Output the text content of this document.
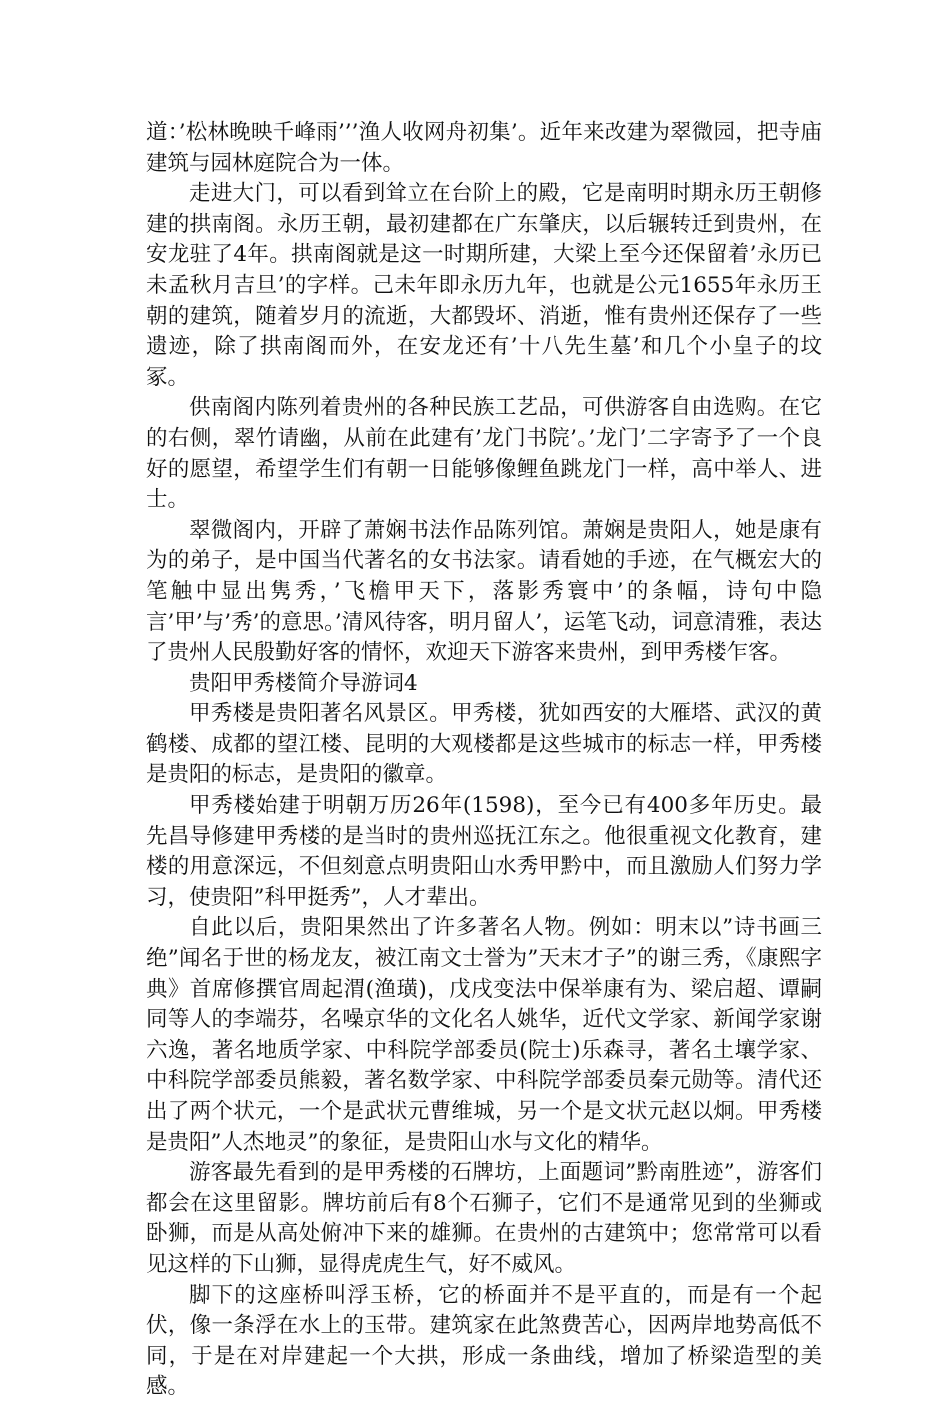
道：’松林晚映千峰雨’’’渔人收网舟初集’。近年来改建为翠微园，把寺庙建筑与园林庭院合为一体。

走进大门，可以看到耸立在台阶上的殿，它是南明时期永历王朝修建的拱南阁。永历王朝，最初建都在广东肇庆，以后辗转迁到贵州，在安龙驻了4年。拱南阁就是这一时期所建，大梁上至今还保留着’永历已未孟秋月吉旦’的字样。己未年即永历九年，也就是公元1655年永历王朝的建筑，随着岁月的流逝，大都毁坏、消逝，惟有贵州还保存了一些遗迹，除了拱南阁而外，在安龙还有’十八先生墓’和几个小皇子的坟冢。

供南阁内陈列着贵州的各种民族工艺品，可供游客自由选购。在它的右侧，翠竹请幽，从前在此建有’龙门书院’。’龙门’二字寄予了一个良好的愿望，希望学生们有朝一日能够像鲤鱼跳龙门一样，高中举人、进士。

翠微阁内，开辟了萧娴书法作品陈列馆。萧娴是贵阳人，她是康有为的弟子，是中国当代著名的女书法家。请看她的手迹，在气概宏大的笔触中显出隽秀，’飞檐甲天下，落影秀寰中’的条幅，诗句中隐言’甲’与’秀’的意思。’清风待客，明月留人’，运笔飞动，词意清雅，表达了贵州人民殷勤好客的情怀，欢迎天下游客来贵州，到甲秀楼乍客。

贵阳甲秀楼简介导游词4

甲秀楼是贵阳著名风景区。甲秀楼，犹如西安的大雁塔、武汉的黄鹤楼、成都的望江楼、昆明的大观楼都是这些城市的标志一样，甲秀楼是贵阳的标志，是贵阳的徽章。

甲秀楼始建于明朝万历26年(1598)，至今已有400多年历史。最先昌导修建甲秀楼的是当时的贵州巡抚江东之。他很重视文化教育，建楼的用意深远，不但刻意点明贵阳山水秀甲黔中，而且激励人们努力学习，使贵阳”科甲挺秀”，人才辈出。

自此以后，贵阳果然出了许多著名人物。例如：明末以”诗书画三绝”闻名于世的杨龙友，被江南文士誉为”天末才子”的谢三秀，《康熙字典》首席修撰官周起渭(渔璜)，戊戌变法中保举康有为、梁启超、谭嗣同等人的李端芬，名噪京华的文化名人姚华，近代文学家、新闻学家谢六逸，著名地质学家、中科院学部委员(院士)乐森寻，著名土壤学家、中科院学部委员熊毅，著名数学家、中科院学部委员秦元勋等。清代还出了两个状元，一个是武状元曹维城，另一个是文状元赵以炯。甲秀楼是贵阳”人杰地灵”的象征，是贵阳山水与文化的精华。

游客最先看到的是甲秀楼的石牌坊，上面题词”黔南胜迹”，游客们都会在这里留影。牌坊前后有8个石狮子，它们不是通常见到的坐狮或卧狮，而是从高处俯冲下来的雄狮。在贵州的古建筑中；您常常可以看见这样的下山狮，显得虎虎生气，好不威风。

脚下的这座桥叫浮玉桥，它的桥面并不是平直的，而是有一个起伏，像一条浮在水上的玉带。建筑家在此煞费苦心，因两岸地势高低不同，于是在对岸建起一个大拱，形成一条曲线，增加了桥梁造型的美感。
